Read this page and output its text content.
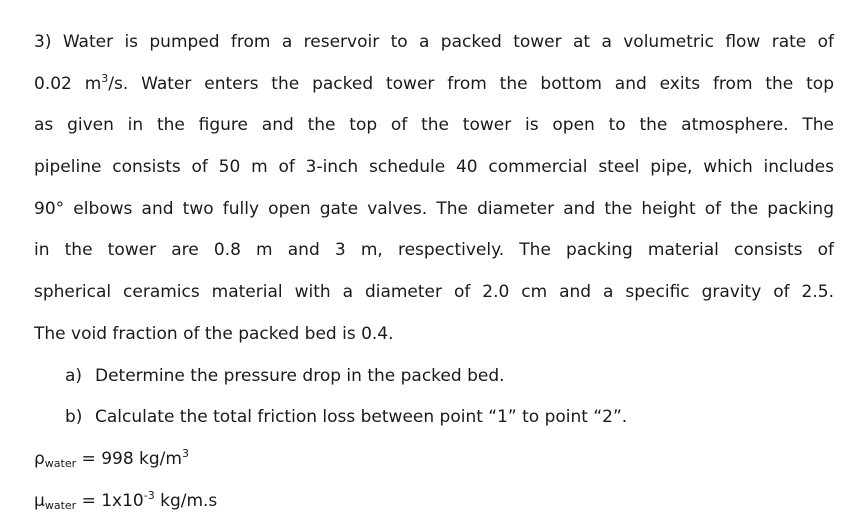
3) Water is pumped from a reservoir to a packed tower at a volumetric flow rate of
0.02 $m^3/s$. Water enters the packed tower from the bottom and exits from the top
as given in the figure and the top of the tower is open to the atmosphere. The
pipeline consists of 50 m of 3-inch schedule 40 commercial steel pipe, which includes
90° elbows and two fully open gate valves. The diameter and the height of the packing
in the tower are 0.8 m and 3 m, respectively. The packing material consists of
spherical ceramics material with a diameter of 2.0 cm and a specific gravity of 2.5.
The void fraction of the packed bed is 0.4.
a) Determine the pressure drop in the packed bed.
b) Calculate the total friction loss between point “1” to point “2”.
$\rho_{water} = 998$ $kg/m^3$
$\mu_{water} = 1x10^{-3}$ kg/m.s
